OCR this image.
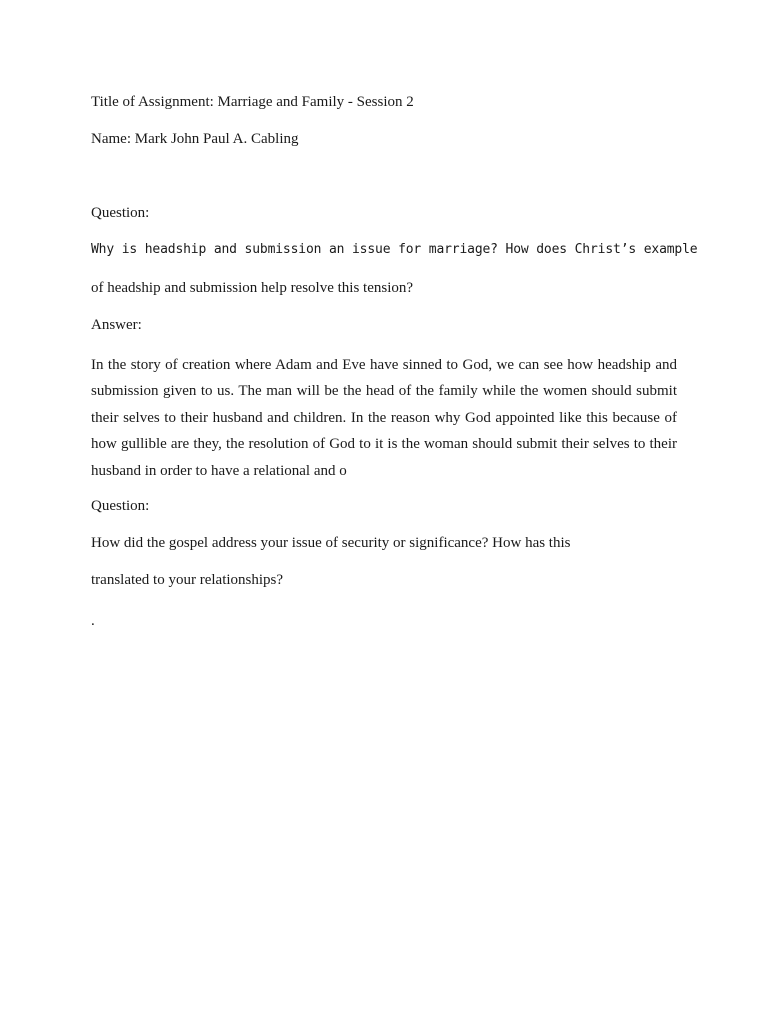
Title of Assignment: Marriage and Family - Session 2

Name: Mark John Paul A. Cabling

Question:

Why is headship and submission an issue for marriage? How does Christ’s example

of headship and submission help resolve this tension?

Answer:

In the story of creation where Adam and Eve have sinned to God, we can see how headship and submission given to us. The man will be the head of the family while the women should submit their selves to their husband and children. In the reason why God appointed like this because of how gullible are they, the resolution of God to it is the woman should submit their selves to their husband in order to have a relational and o

Question:

How did the gospel address your issue of security or significance? How has this

translated to your relationships?

.
